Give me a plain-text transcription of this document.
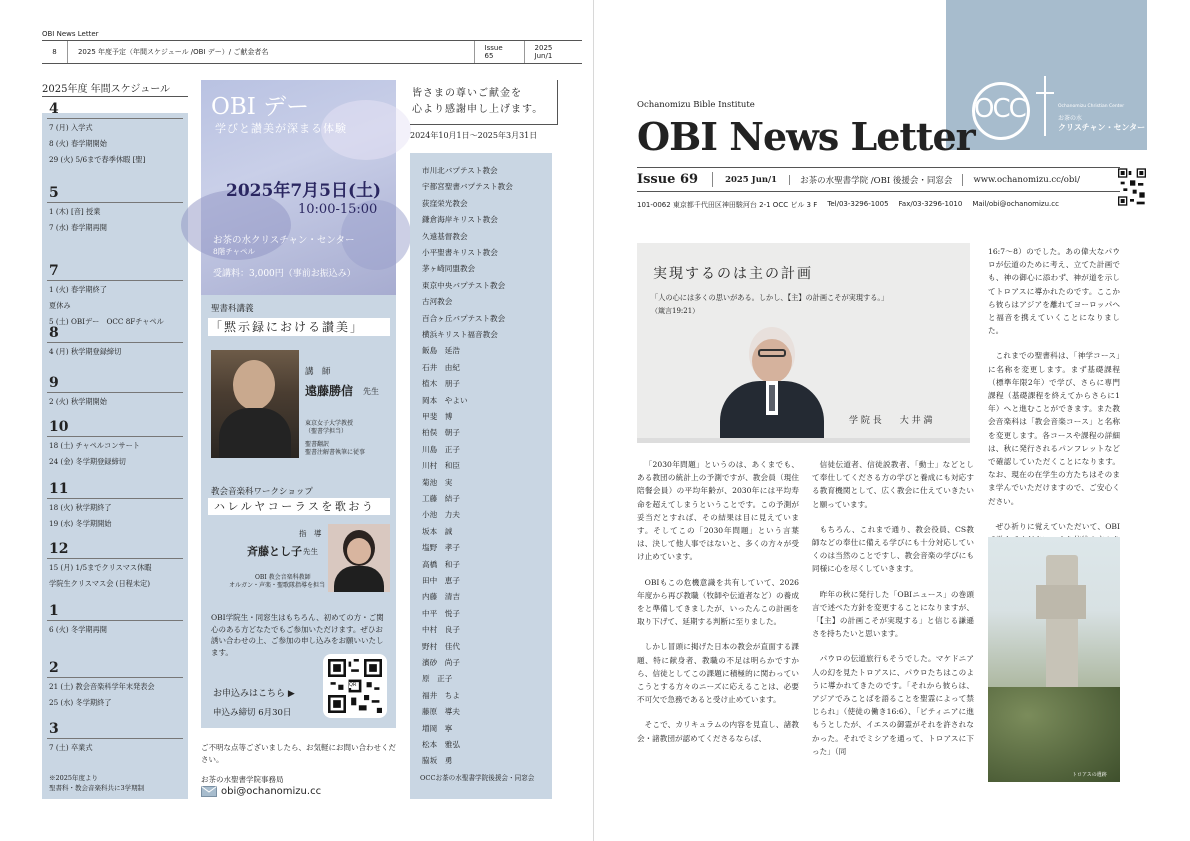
OBI News Letter
8	2025 年度予定（年間スケジュール /OBI デー）/ ご献金者名	Issue 65
2025 Jun/1
2025年度 年間スケジュール
4
7 (月) 入学式
8 (火) 春学期開始
29 (火) 5/6まで春季休暇 [聖]
5
1 (木) [音] 授業
7 (水) 春学期再開
7
1 (火) 春学期終了
夏休み
5 (土) OBIデー　OCC 8Fチャペル
8
4 (月) 秋学期登録締切
9
2 (火) 秋学期開始
10
18 (土) チャペルコンサート
24 (金) 冬学期登録締切
11
18 (火) 秋学期終了
19 (水) 冬学期開始
12
15 (月) 1/5までクリスマス休暇
学院生クリスマス会 (日程未定)
1
6 (火) 冬学期再開
2
21 (土) 教会音楽科学年末発表会
25 (水) 冬学期終了
3
7 (土) 卒業式
※2025年度より
聖書科・教会音楽科共に3学期制
OBI デー
学びと讃美が深まる体験
2025年7月5日(土)
10:00-15:00
お茶の水クリスチャン・センター
8階チャペル
受講料：3,000円（事前お振込み）
聖書科講義
「黙示録における讃美」
講　師
遠藤勝信 先生
東京女子大学教授
（聖書学担当）
聖書翻訳
聖書注解書執筆に従事
教会音楽科ワークショップ
ハレルヤコーラスを歌おう
指　導
斉藤とし子 先生
OBI 教会音楽科教師
オルガン・声楽・聖歌隊指導を担当
OBI学院生・同窓生はもちろん、初めての方・ご関心のある方どなたでもご参加いただけます。ぜひお誘い合わせの上、ご参加の申し込みをお願いいたします。
お申込みはこちら ▶
申込み締切 6月30日
QR
ご不明な点等ございましたら、お気軽にお問い合わせください。
お茶の水聖書学院事務局
obi@ochanomizu.cc
皆さまの尊いご献金を
心より感謝申し上げます。
2024年10月1日～2025年3月31日
市川北バプテスト教会
宇都宮聖書バプテスト教会
荻窪栄光教会
鎌倉海岸キリスト教会
久遠基督教会
小平聖書キリスト教会
茅ヶ崎同盟教会
東京中央バプテスト教会
古河教会
百合ヶ丘バプテスト教会
横浜キリスト福音教会
飯島　延浩
石井　由紀
植木　朋子
岡本　やよい
甲斐　博
柏俣　朝子
川島　正子
川村　和臣
菊池　実
工藤　結子
小池　力夫
坂本　誠
塩野　孝子
高橋　和子
田中　恵子
内藤　清吉
中平　悦子
中村　良子
野村　佳代
濱砂　尚子
原　正子
福井　ちよ
藤原　導夫
増岡　寧
松本　雅弘
脇坂　勇
OCCお茶の水聖書学院後援会・同窓会
OCC	Ochanomizu Christian Center
お茶の水
クリスチャン・センター
Ochanomizu Bible Institute
OBI News Letter
Issue 69	2025 Jun/1	お茶の水聖書学院 /OBI 後援会・同窓会	www.ochanomizu.cc/obi/
101-0062 東京都千代田区神田駿河台 2-1 OCC ビル 3 F Tel/03-3296-1005 Fax/03-3296-1010 Mail/obi@ochanomizu.cc
実現するのは主の計画
「人の心には多くの思いがある。しかし、【主】の計画こそが実現する。」
（箴言19:21）
学 院 長　　大 井 満

「2030年問題」というのは、あくまでも、ある教団の統計上の予測ですが、教会員（現住陪餐会員）の平均年齢が、2030年には平均寿命を超えてしまうということです。この予測が妥当だとすれば、その結果は目に見えています。そしてこの「2030年問題」という言葉は、決して他人事ではないと、多くの方々が受け止めています。

OBIもこの危機意識を共有していて、2026年度から再び教職（牧師や伝道者など）の養成をと準備してきましたが、いったんこの計画を取り下げて、延期する判断に至りました。

しかし冒頭に掲げた日本の教会が直面する課題、特に献身者、教職の不足は明らかですから、信徒としてこの課題に積極的に関わっていこうとする方々のニーズに応えることは、必要不可欠で急務であると受け止めています。

そこで、カリキュラムの内容を見直し、諸教会・諸教団が認めてくださるならば、

信徒伝道者、信徒説教者、「動士」などとして奉仕してくださる方の学びと養成にも対応する教育機関として、広く教会に仕えていきたいと願っています。

もちろん、これまで通り、教会役員、CS教師などの奉仕に備える学びにも十分対応していくのは当然のことですし、教会音楽の学びにも同様に心を尽くしていきます。

昨年の秋に発行した「OBIニュース」の巻頭言で述べた方針を変更することになりますが、「【主】の計画こそが実現する」と信じる謙遜さを持ちたいと思います。

パウロの伝道旅行もそうでした。マケドニア人の幻を見たトロアスに、パウロたちはこのように導かれてきたのです。「それから彼らは、アジアでみことばを語ることを聖霊によって禁じられ」（使徒の働き16:6）、「ビティニアに進もうとしたが、イエスの御霊がそれを許されなかった。それでミシアを通って、トロアスに下った」（同

16:7～8）のでした。あの偉大なパウロが伝道のために考え、立てた計画でも、神の御心に添わず、神が道を示してトロアスに導かれたのです。ここから彼らはアジアを離れてヨーロッパへと福音を携えていくことになりました。

これまでの聖書科は、「神学コース」に名称を変更します。まず基礎課程（標準年限2年）で学び、さらに専門課程（基礎課程を終えてからさらに1年）へと進むことができます。また教会音楽科は「教会音楽コース」と名称を変更します。各コースや課程の詳細は、秋に発行されるパンフレットなどで確認していただくことになります。なお、現在の在学生の方たちはそのまま学んでいただけますので、ご安心ください。

ぜひ祈りに覚えていただいて、OBI

トロアスの遺跡
